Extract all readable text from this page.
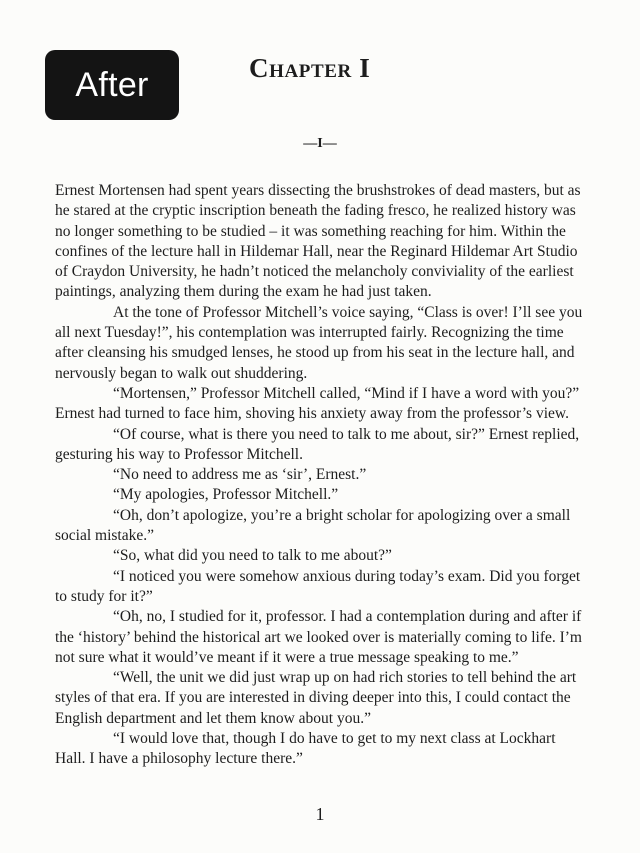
After	Chapter I
—I—

Ernest Mortensen had spent years dissecting the brushstrokes of dead masters, but as he stared at the cryptic inscription beneath the fading fresco, he realized history was no longer something to be studied – it was something reaching for him. Within the confines of the lecture hall in Hildemar Hall, near the Reginard Hildemar Art Studio of Craydon University, he hadn’t noticed the melancholy conviviality of the earliest paintings, analyzing them during the exam he had just taken.

At the tone of Professor Mitchell’s voice saying, “Class is over! I’ll see you all next Tuesday!”, his contemplation was interrupted fairly. Recognizing the time after cleansing his smudged lenses, he stood up from his seat in the lecture hall, and nervously began to walk out shuddering.

“Mortensen,” Professor Mitchell called, “Mind if I have a word with you?” Ernest had turned to face him, shoving his anxiety away from the professor’s view.

“Of course, what is there you need to talk to me about, sir?” Ernest replied, gesturing his way to Professor Mitchell.

“No need to address me as ‘sir’, Ernest.”

“My apologies, Professor Mitchell.”

“Oh, don’t apologize, you’re a bright scholar for apologizing over a small social mistake.”

“So, what did you need to talk to me about?”

“I noticed you were somehow anxious during today’s exam. Did you forget to study for it?”

“Oh, no, I studied for it, professor. I had a contemplation during and after if the ‘history’ behind the historical art we looked over is materially coming to life. I’m not sure what it would’ve meant if it were a true message speaking to me.”

“Well, the unit we did just wrap up on had rich stories to tell behind the art styles of that era. If you are interested in diving deeper into this, I could contact the English department and let them know about you.”

“I would love that, though I do have to get to my next class at Lockhart Hall. I have a philosophy lecture there.”

1
